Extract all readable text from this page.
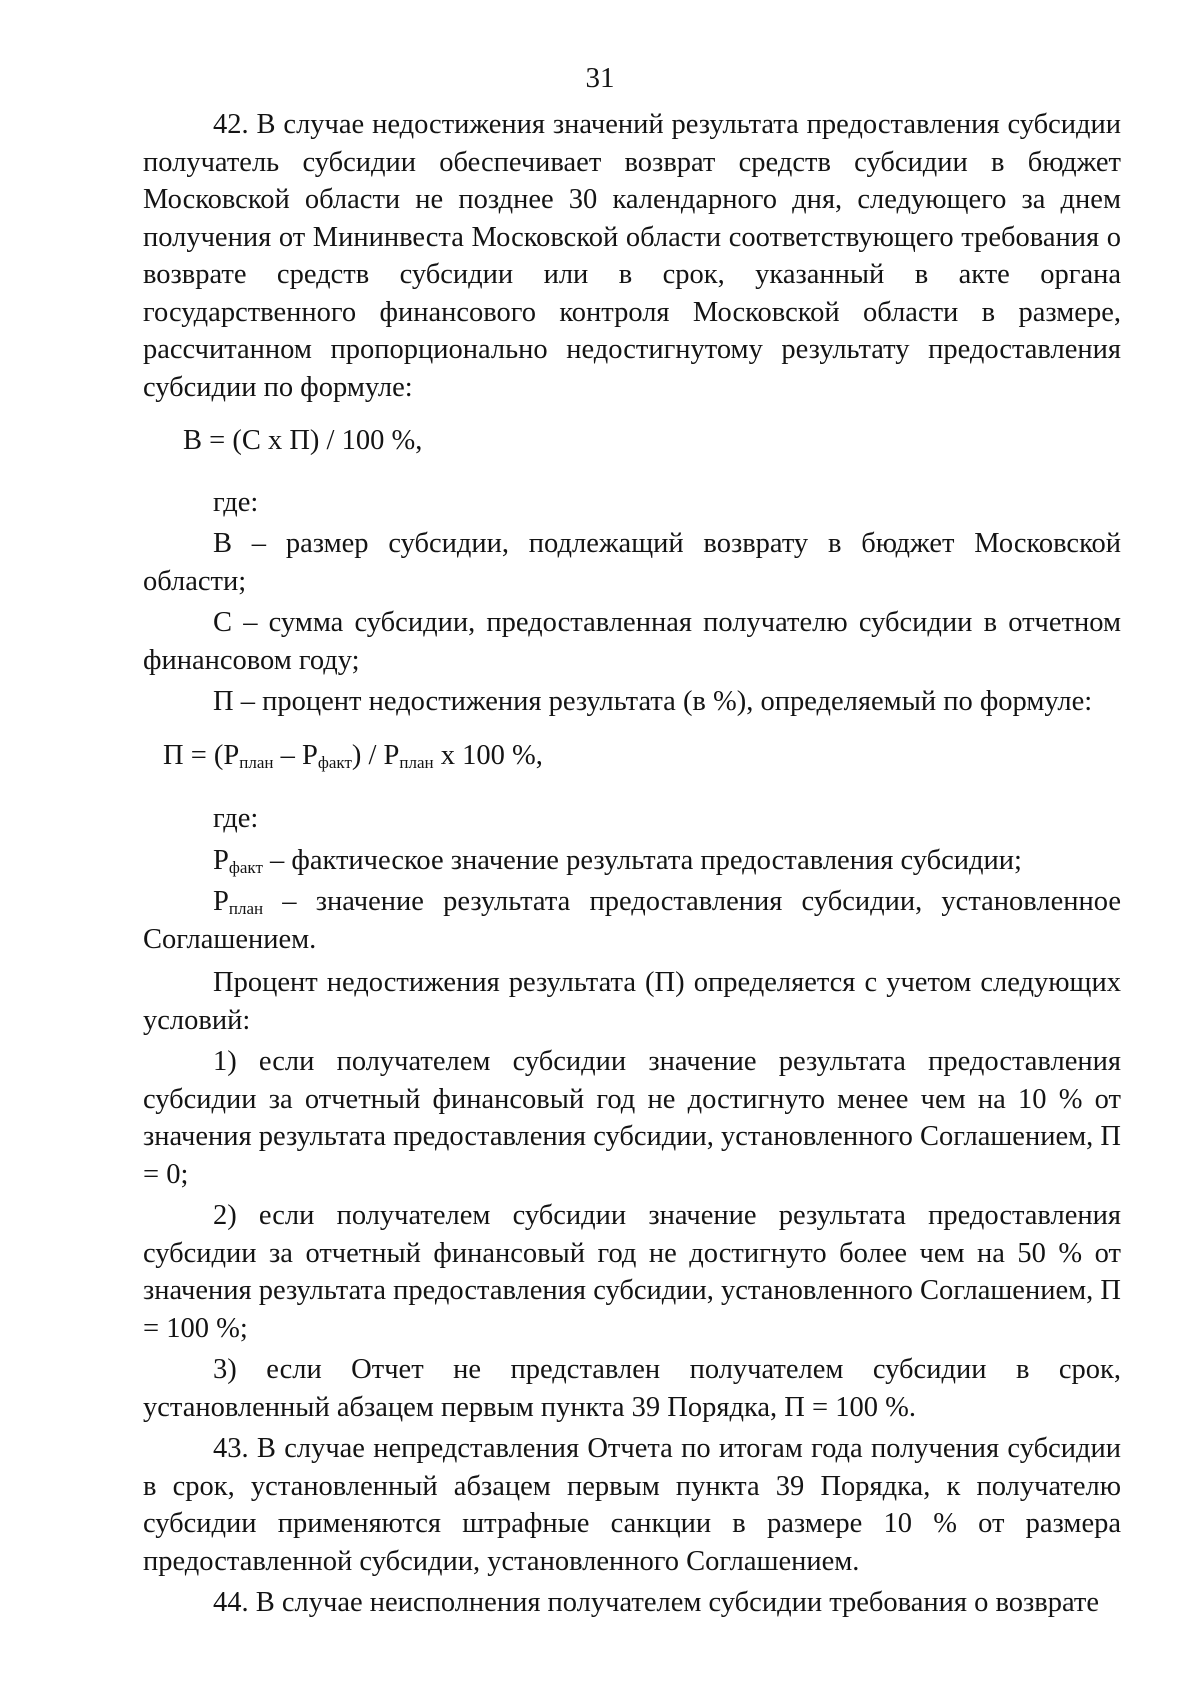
31

42. В случае недостижения значений результата предоставления субсидии получатель субсидии обеспечивает возврат средств субсидии в бюджет Московской области не позднее 30 календарного дня, следующего за днем получения от Мининвеста Московской области соответствующего требования о возврате средств субсидии или в срок, указанный в акте органа государственного финансового контроля Московской области в размере, рассчитанном пропорционально недостигнутому результату предоставления субсидии по формуле:

В = (С х П) / 100 %,

где:

В – размер субсидии, подлежащий возврату в бюджет Московской области;

С – сумма субсидии, предоставленная получателю субсидии в отчетном финансовом году;

П – процент недостижения результата (в %), определяемый по формуле:

$П = (Р_{план} - Р_{факт}) / Р_{план}$ х 100 %,

где:

$Р_{факт}$ – фактическое значение результата предоставления субсидии;

$Р_{план}$ – значение результата предоставления субсидии, установленное Соглашением.

Процент недостижения результата (П) определяется с учетом следующих условий:

1) если получателем субсидии значение результата предоставления субсидии за отчетный финансовый год не достигнуто менее чем на 10 % от значения результата предоставления субсидии, установленного Соглашением, П = 0;

2) если получателем субсидии значение результата предоставления субсидии за отчетный финансовый год не достигнуто более чем на 50 % от значения результата предоставления субсидии, установленного Соглашением, П = 100 %;

3) если Отчет не представлен получателем субсидии в срок, установленный абзацем первым пункта 39 Порядка, П = 100 %.

43. В случае непредставления Отчета по итогам года получения субсидии в срок, установленный абзацем первым пункта 39 Порядка, к получателю субсидии применяются штрафные санкции в размере 10 % от размера предоставленной субсидии, установленного Соглашением.

44. В случае неисполнения получателем субсидии требования о возврате
